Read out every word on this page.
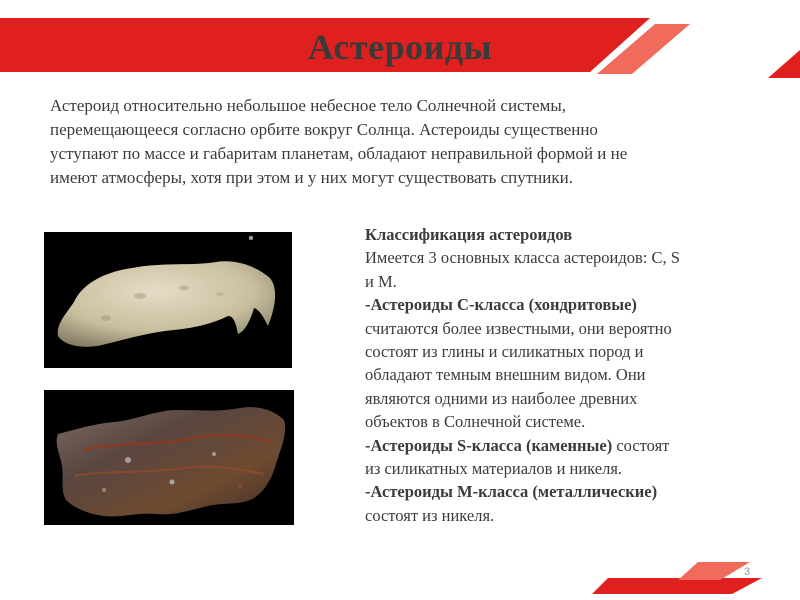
Астероиды
Астероид относительно небольшое небесное тело Солнечной системы,
перемещающееся согласно орбите вокруг Солнца. Астероиды существенно
уступают по массе и габаритам планетам, обладают неправильной формой и не
имеют атмосферы, хотя при этом и у них могут существовать спутники.
Классификация астероидов
Имеется 3 основных класса астероидов: С, S
и М.
-Астероиды С-класса (хондритовые)
считаются более известными, они вероятно
состоят из глины и силикатных пород и
обладают темным внешним видом. Они
являются одними из наиболее древних
объектов в Солнечной системе.
-Астероиды S-класса (каменные) состоят
из силикатных материалов и никеля.
-Астероиды М-класса (металлические)
состоят из никеля.
3
